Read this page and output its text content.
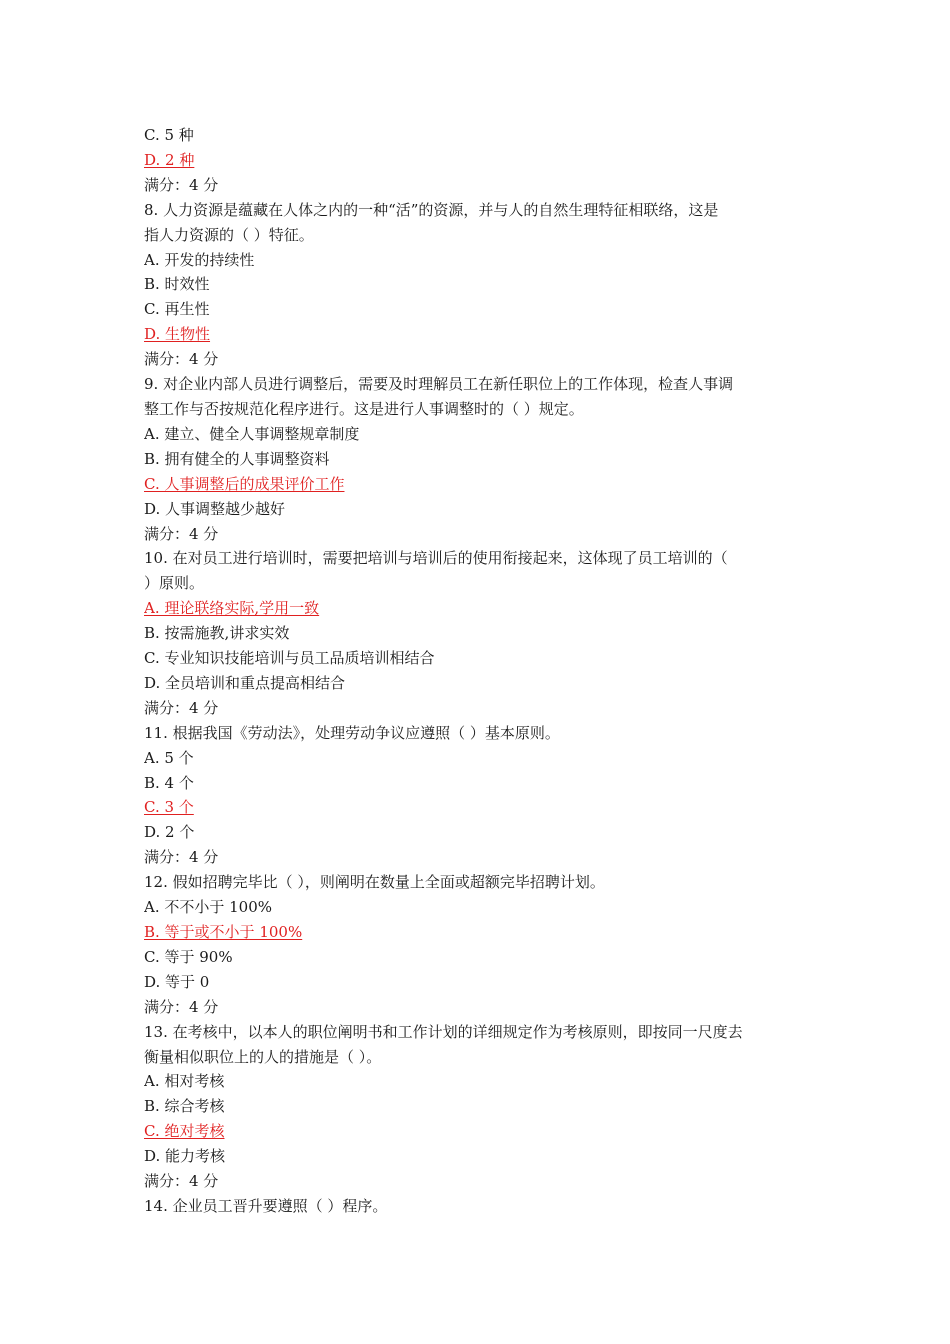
C. 5 种
D. 2 种
满分：4 分
8. 人力资源是蕴藏在人体之内的一种“活”的资源，并与人的自然生理特征相联络，这是
指人力资源的（ ）特征。
A. 开发的持续性
B. 时效性
C. 再生性
D. 生物性
满分：4 分
9. 对企业内部人员进行调整后，需要及时理解员工在新任职位上的工作体现，检查人事调
整工作与否按规范化程序进行。这是进行人事调整时的（ ）规定。
A. 建立、健全人事调整规章制度
B. 拥有健全的人事调整资料
C. 人事调整后的成果评价工作
D. 人事调整越少越好
满分：4 分
10. 在对员工进行培训时，需要把培训与培训后的使用衔接起来，这体现了员工培训的（
）原则。
A. 理论联络实际,学用一致
B. 按需施教,讲求实效
C. 专业知识技能培训与员工品质培训相结合
D. 全员培训和重点提高相结合
满分：4 分
11. 根据我国《劳动法》，处理劳动争议应遵照（ ）基本原则。
A. 5 个
B. 4 个
C. 3 个
D. 2 个
满分：4 分
12. 假如招聘完毕比（ ），则阐明在数量上全面或超额完毕招聘计划。
A. 不不小于 100%
B. 等于或不小于 100%
C. 等于 90%
D. 等于 0
满分：4 分
13. 在考核中，以本人的职位阐明书和工作计划的详细规定作为考核原则，即按同一尺度去
衡量相似职位上的人的措施是（ ）。
A. 相对考核
B. 综合考核
C. 绝对考核
D. 能力考核
满分：4 分
14. 企业员工晋升要遵照（ ）程序。
